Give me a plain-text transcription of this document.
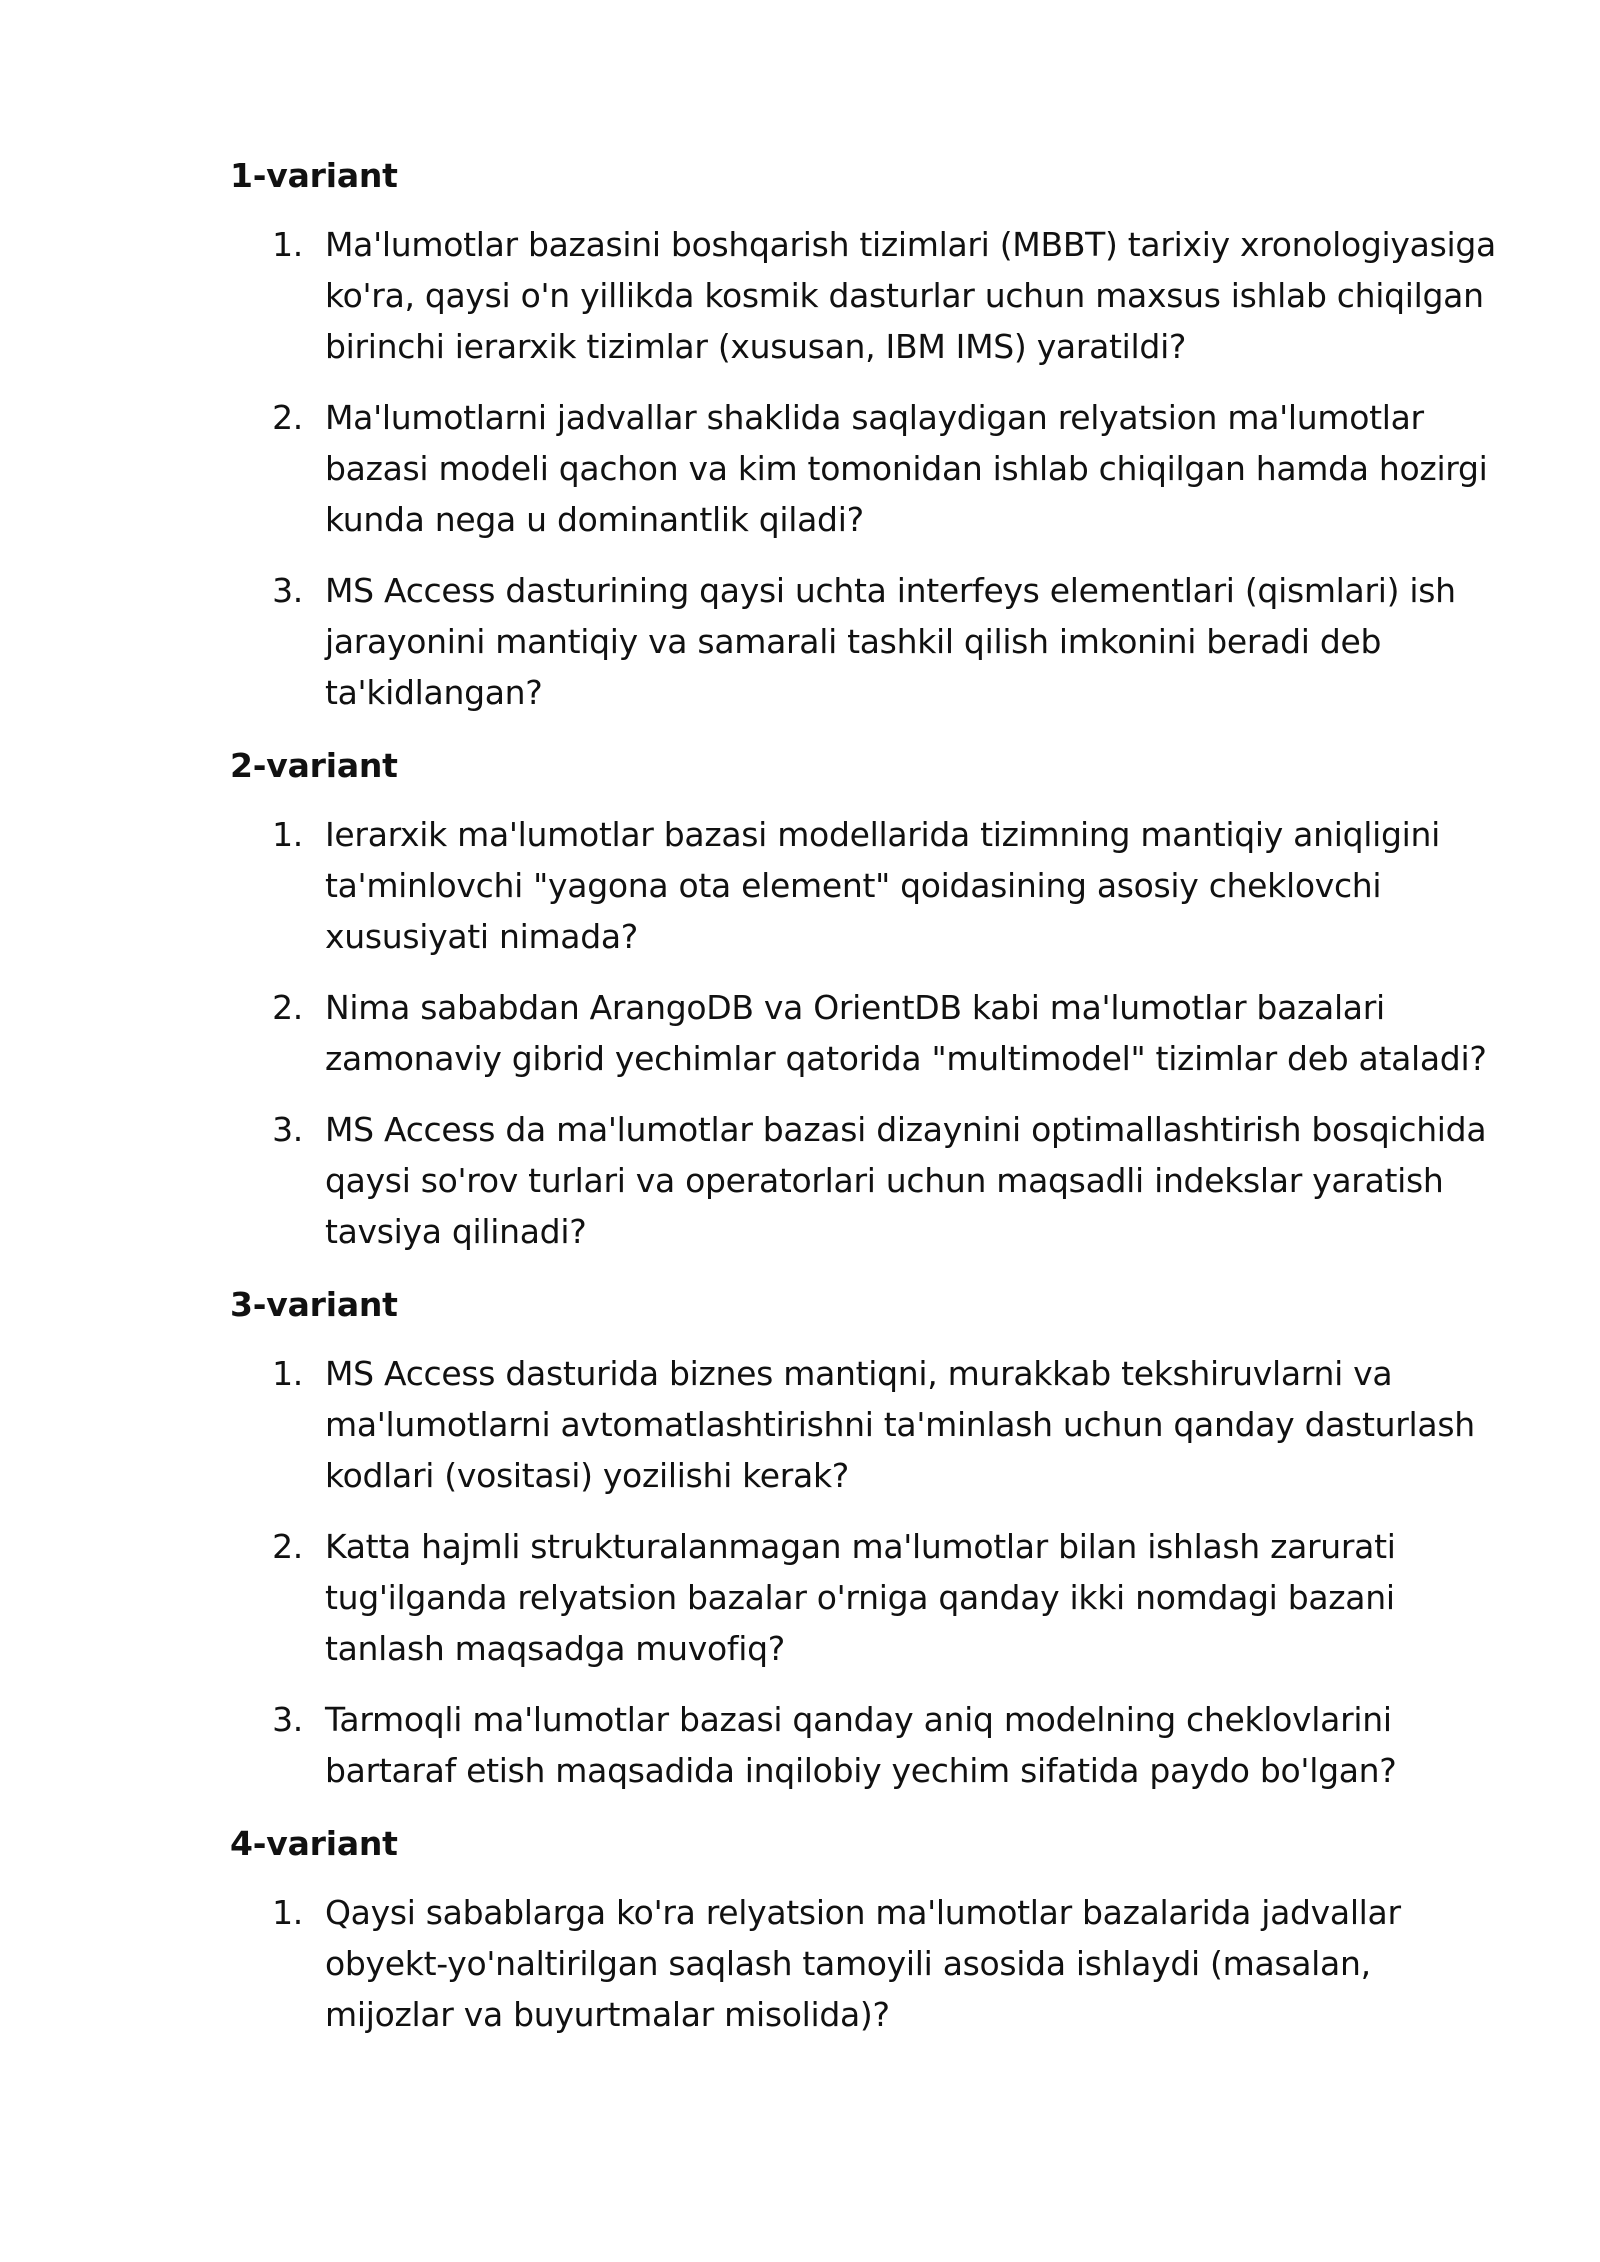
1-variant
1. Ma'lumotlar bazasini boshqarish tizimlari (MBBT) tarixiy xronologiyasiga ko'ra, qaysi o'n yillikda kosmik dasturlar uchun maxsus ishlab chiqilgan birinchi ierarxik tizimlar (xususan, IBM IMS) yaratildi?
2. Ma'lumotlarni jadvallar shaklida saqlaydigan relyatsion ma'lumotlar bazasi modeli qachon va kim tomonidan ishlab chiqilgan hamda hozirgi kunda nega u dominantlik qiladi?
3. MS Access dasturining qaysi uchta interfeys elementlari (qismlari) ish jarayonini mantiqiy va samarali tashkil qilish imkonini beradi deb ta'kidlangan?
2-variant
1. Ierarxik ma'lumotlar bazasi modellarida tizimning mantiqiy aniqligini ta'minlovchi "yagona ota element" qoidasining asosiy cheklovchi xususiyati nimada?
2. Nima sababdan ArangoDB va OrientDB kabi ma'lumotlar bazalari zamonaviy gibrid yechimlar qatorida "multimodel" tizimlar deb ataladi?
3. MS Access da ma'lumotlar bazasi dizaynini optimallashtirish bosqichida qaysi so'rov turlari va operatorlari uchun maqsadli indekslar yaratish tavsiya qilinadi?
3-variant
1. MS Access dasturida biznes mantiqni, murakkab tekshiruvlarni va ma'lumotlarni avtomatlashtirishni ta'minlash uchun qanday dasturlash kodlari (vositasi) yozilishi kerak?
2. Katta hajmli strukturalanmagan ma'lumotlar bilan ishlash zarurati tug'ilganda relyatsion bazalar o'rniga qanday ikki nomdagi bazani tanlash maqsadga muvofiq?
3. Tarmoqli ma'lumotlar bazasi qanday aniq modelning cheklovlarini bartaraf etish maqsadida inqilobiy yechim sifatida paydo bo'lgan?
4-variant
1. Qaysi sabablarga ko'ra relyatsion ma'lumotlar bazalarida jadvallar obyekt-yo'naltirilgan saqlash tamoyili asosida ishlaydi (masalan, mijozlar va buyurtmalar misolida)?
